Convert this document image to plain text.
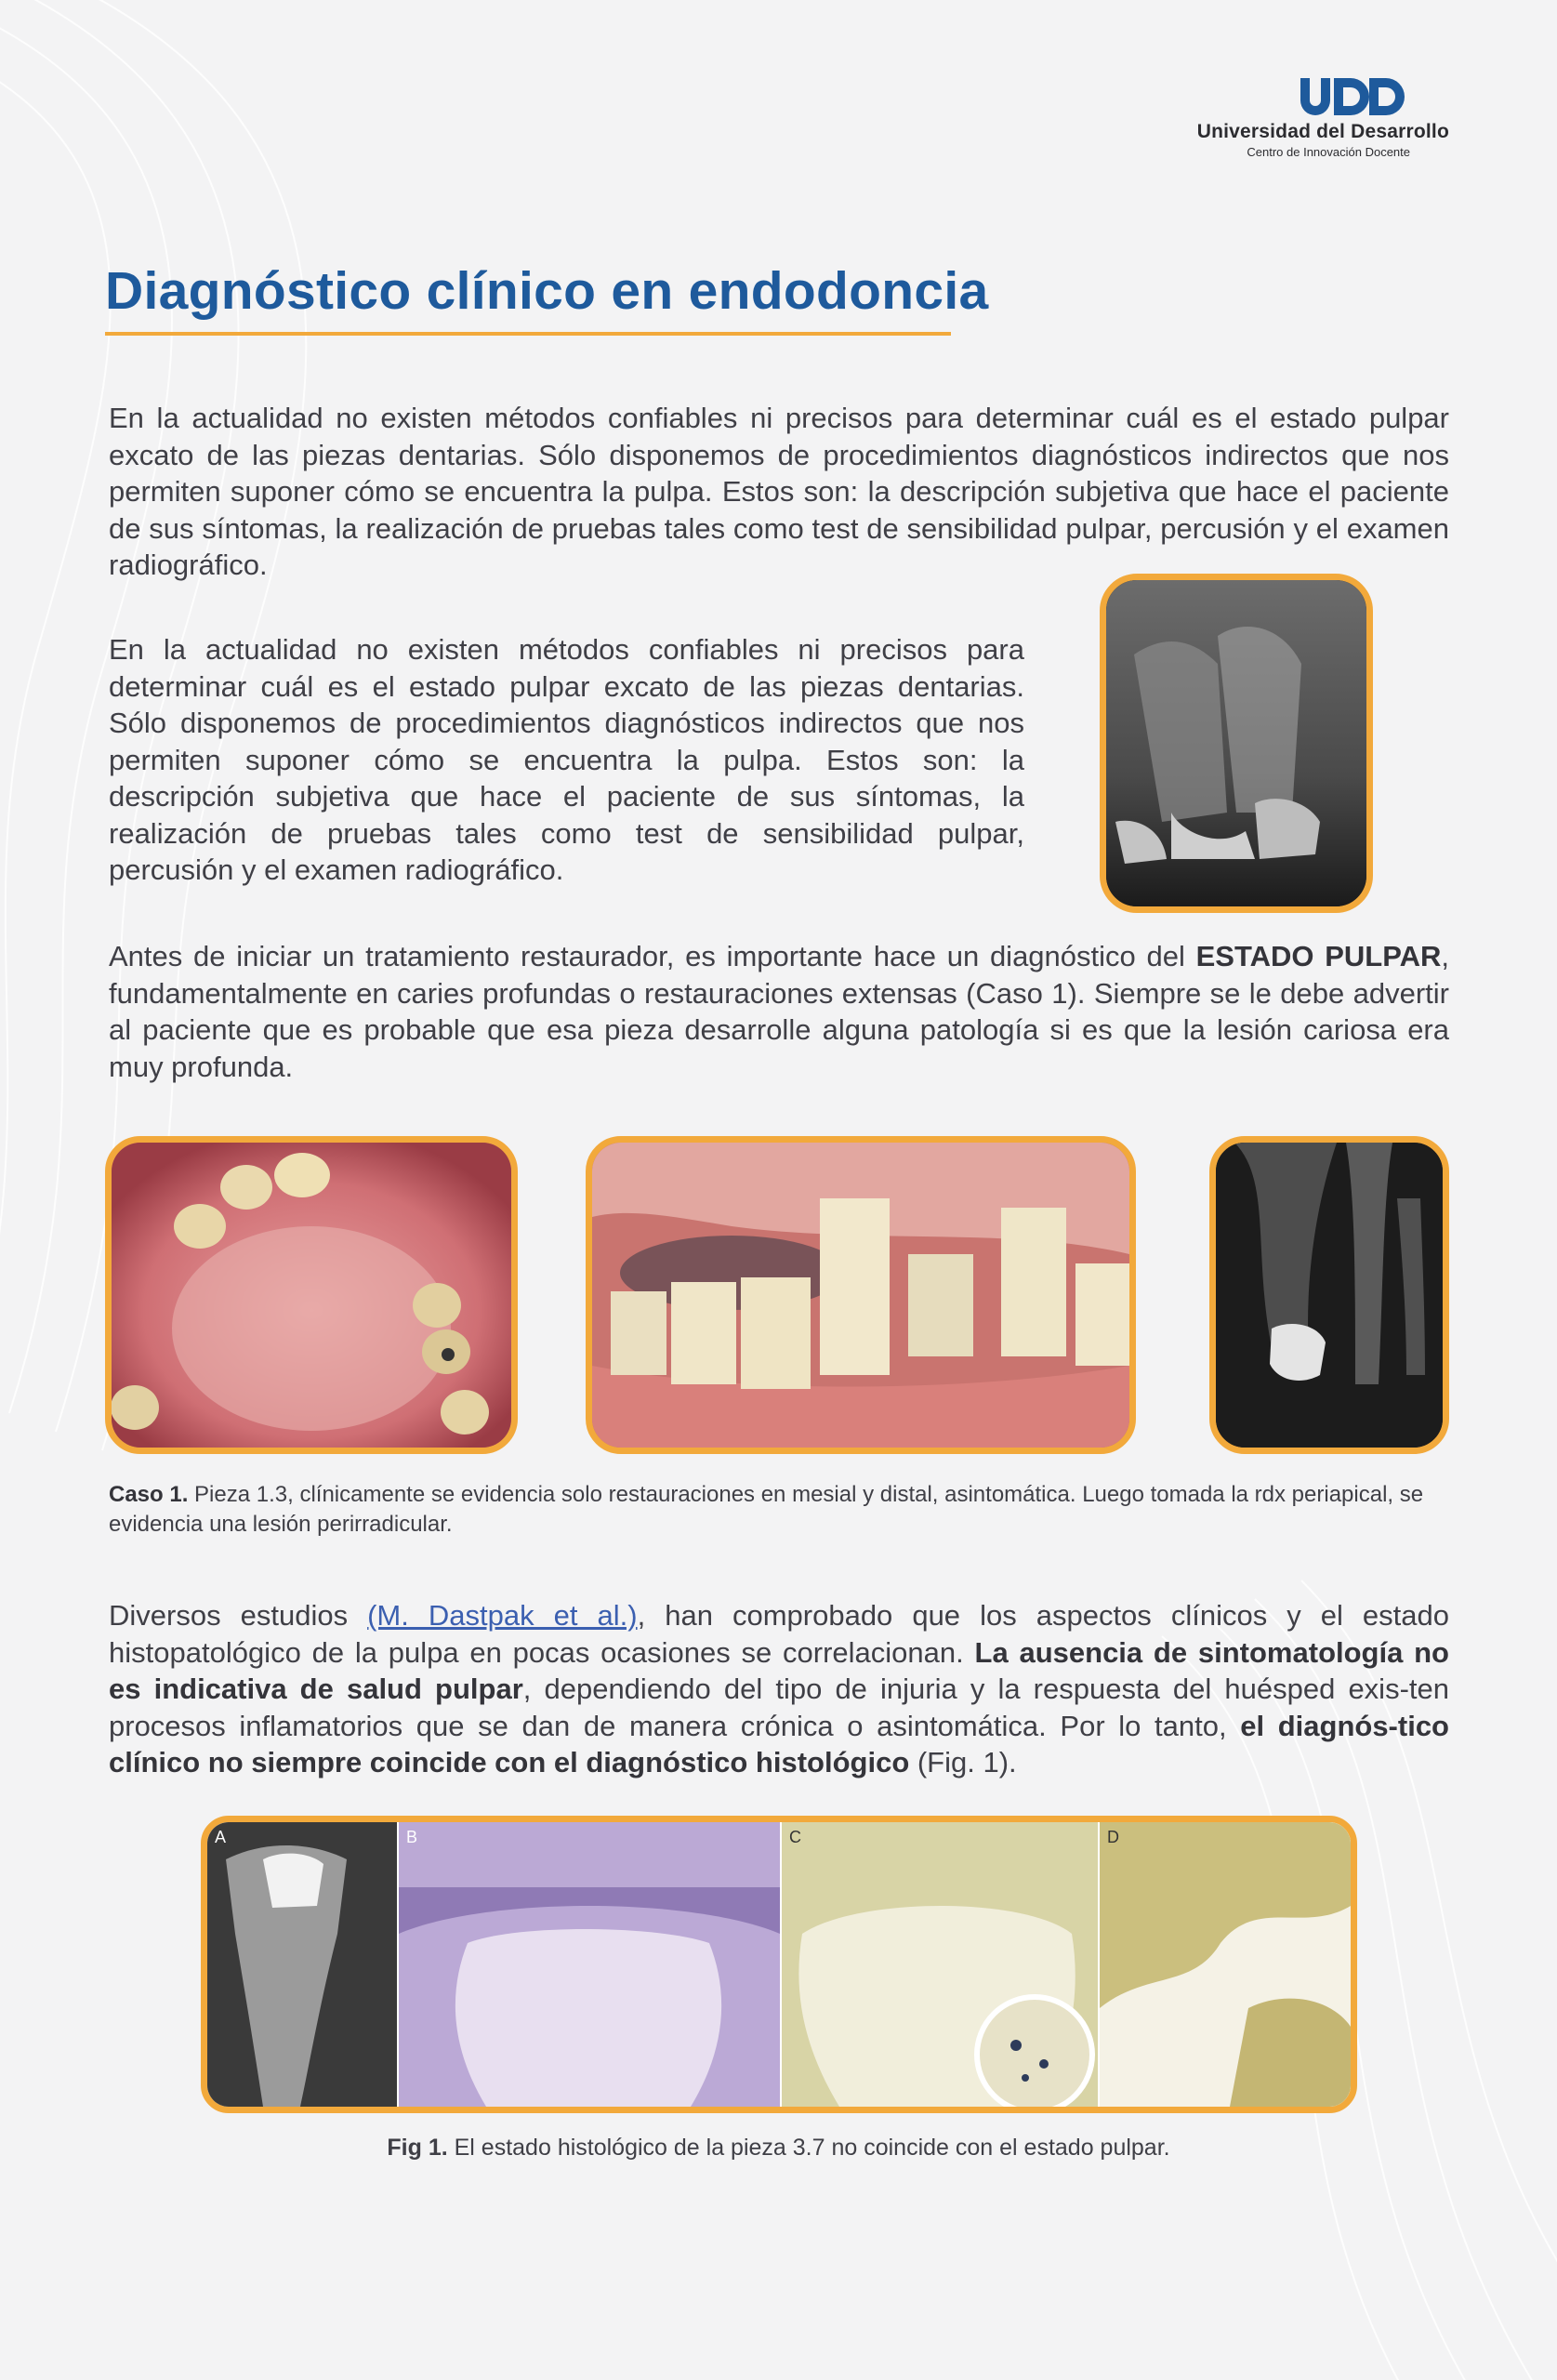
Universidad del Desarrollo
Centro de Innovación Docente
Diagnóstico clínico en endodoncia

En la actualidad no existen métodos confiables ni precisos para determinar cuál es el estado pulpar excato de las piezas dentarias. Sólo disponemos de procedimientos diagnósticos indirectos que nos permiten suponer cómo se encuentra la pulpa. Estos son: la descripción subjetiva que hace el paciente de sus síntomas, la realización de pruebas tales como test de sensibilidad pulpar, percusión y el examen radiográfico.

En la actualidad no existen métodos confiables ni precisos para determinar cuál es el estado pulpar excato de las piezas dentarias. Sólo disponemos de procedimientos diagnósticos indirectos que nos permiten suponer cómo se encuentra la pulpa. Estos son: la descripción subjetiva que hace el paciente de sus síntomas, la realización de pruebas tales como test de sensibilidad pulpar, percusión y el examen radiográfico.

Antes de iniciar un tratamiento restaurador, es importante hace un diagnóstico del ESTADO PULPAR, fundamentalmente en caries profundas o restauraciones extensas (Caso 1). Siempre se le debe advertir al paciente que es probable que esa pieza desarrolle alguna patología si es que la lesión cariosa era muy profunda.

Caso 1. Pieza 1.3, clínicamente se evidencia solo restauraciones en mesial y distal, asintomática. Luego tomada la rdx periapical, se evidencia una lesión perirradicular.

Diversos estudios (M. Dastpak et al.), han comprobado que los aspectos clínicos y el estado histopatológico de la pulpa en pocas ocasiones se correlacionan. La ausencia de sintomatología no es indicativa de salud pulpar, dependiendo del tipo de injuria y la respuesta del huésped exis-ten procesos inflamatorios que se dan de manera crónica o asintomática. Por lo tanto, el diagnós-tico clínico no siempre coincide con el diagnóstico histológico (Fig. 1).

A	B	C	D

Fig 1. El estado histológico de la pieza 3.7 no coincide con el estado pulpar.
